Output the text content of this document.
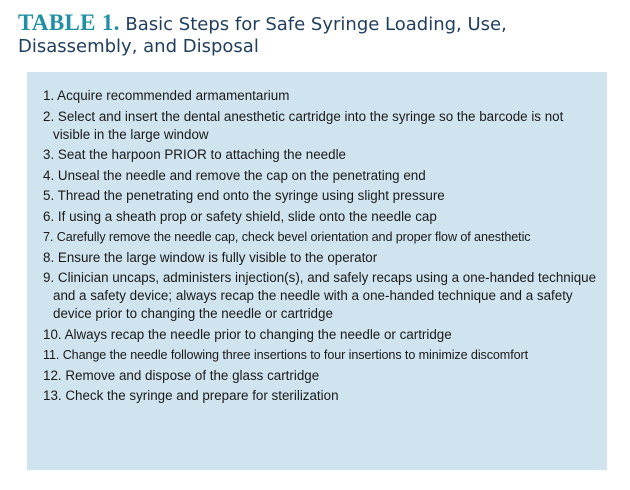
TABLE 1. Basic Steps for Safe Syringe Loading, Use, Disassembly, and Disposal
1. Acquire recommended armamentarium
2. Select and insert the dental anesthetic cartridge into the syringe so the barcode is not visible in the large window
3. Seat the harpoon PRIOR to attaching the needle
4. Unseal the needle and remove the cap on the penetrating end
5. Thread the penetrating end onto the syringe using slight pressure
6. If using a sheath prop or safety shield, slide onto the needle cap
7. Carefully remove the needle cap, check bevel orientation and proper flow of anesthetic
8. Ensure the large window is fully visible to the operator
9. Clinician uncaps, administers injection(s), and safely recaps using a one-handed technique and a safety device; always recap the needle with a one-handed technique and a safety device prior to changing the needle or cartridge
10. Always recap the needle prior to changing the needle or cartridge
11. Change the needle following three insertions to four insertions to minimize discomfort
12. Remove and dispose of the glass cartridge
13. Check the syringe and prepare for sterilization
